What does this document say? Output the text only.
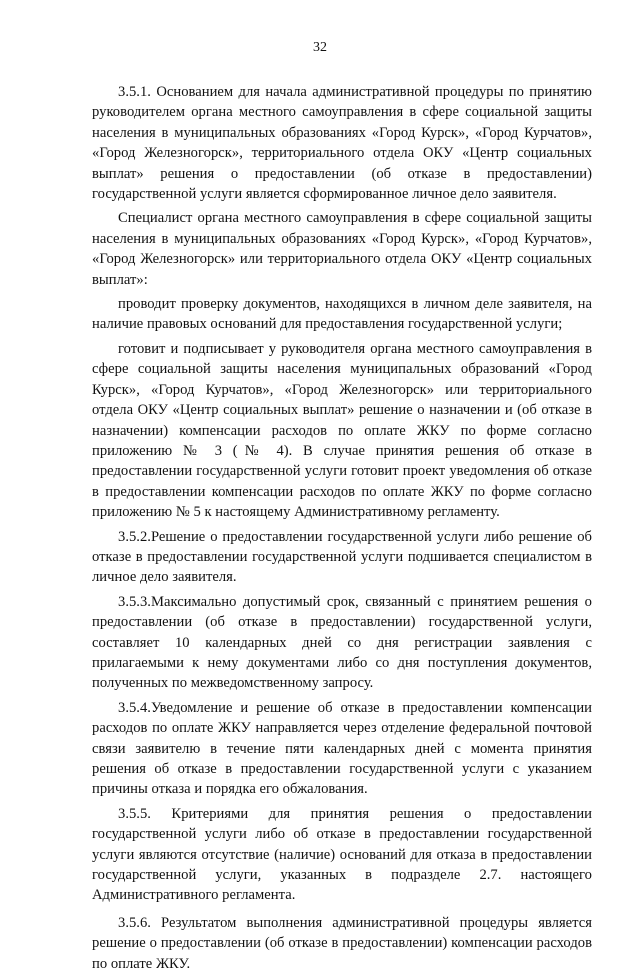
32

3.5.1. Основанием для начала административной процедуры по принятию руководителем органа местного самоуправления в сфере социальной защиты населения в муниципальных образованиях «Город Курск», «Город Курчатов», «Город Железногорск», территориального отдела ОКУ «Центр социальных выплат» решения о предоставлении (об отказе в предоставлении) государственной услуги является сформированное личное дело заявителя.

Специалист органа местного самоуправления в сфере социальной защиты населения в муниципальных образованиях «Город Курск», «Город Курчатов», «Город Железногорск» или территориального отдела ОКУ «Центр социальных выплат»:

проводит проверку документов, находящихся в личном деле заявителя, на наличие правовых оснований для предоставления государственной услуги;

готовит и подписывает у руководителя органа местного самоуправления в сфере социальной защиты населения муниципальных образований «Город Курск», «Город Курчатов», «Город Железногорск» или территориального отдела ОКУ «Центр социальных выплат» решение о назначении и (об отказе в назначении) компенсации расходов по оплате ЖКУ по форме согласно приложению № 3 (№ 4). В случае принятия решения об отказе в предоставлении государственной услуги готовит проект уведомления об отказе в предоставлении компенсации расходов по оплате ЖКУ по форме согласно приложению № 5 к настоящему Административному регламенту.

3.5.2.Решение о предоставлении государственной услуги либо решение об отказе в предоставлении государственной услуги подшивается специалистом в личное дело заявителя.

3.5.3.Максимально допустимый срок, связанный с принятием решения о предоставлении (об отказе в предоставлении) государственной услуги, составляет 10 календарных дней со дня регистрации заявления с прилагаемыми к нему документами либо со дня поступления документов, полученных по межведомственному запросу.

3.5.4.Уведомление и решение об отказе в предоставлении компенсации расходов по оплате ЖКУ направляется через отделение федеральной почтовой связи заявителю в течение пяти календарных дней с момента принятия решения об отказе в предоставлении государственной услуги с указанием причины отказа и порядка его обжалования.

3.5.5. Критериями для принятия решения о предоставлении государственной услуги либо об отказе в предоставлении государственной услуги являются отсутствие (наличие) оснований для отказа в предоставлении государственной услуги, указанных в подразделе 2.7. настоящего Административного регламента.

3.5.6. Результатом выполнения административной процедуры является решение о предоставлении (об отказе в предоставлении) компенсации расходов по оплате ЖКУ.
